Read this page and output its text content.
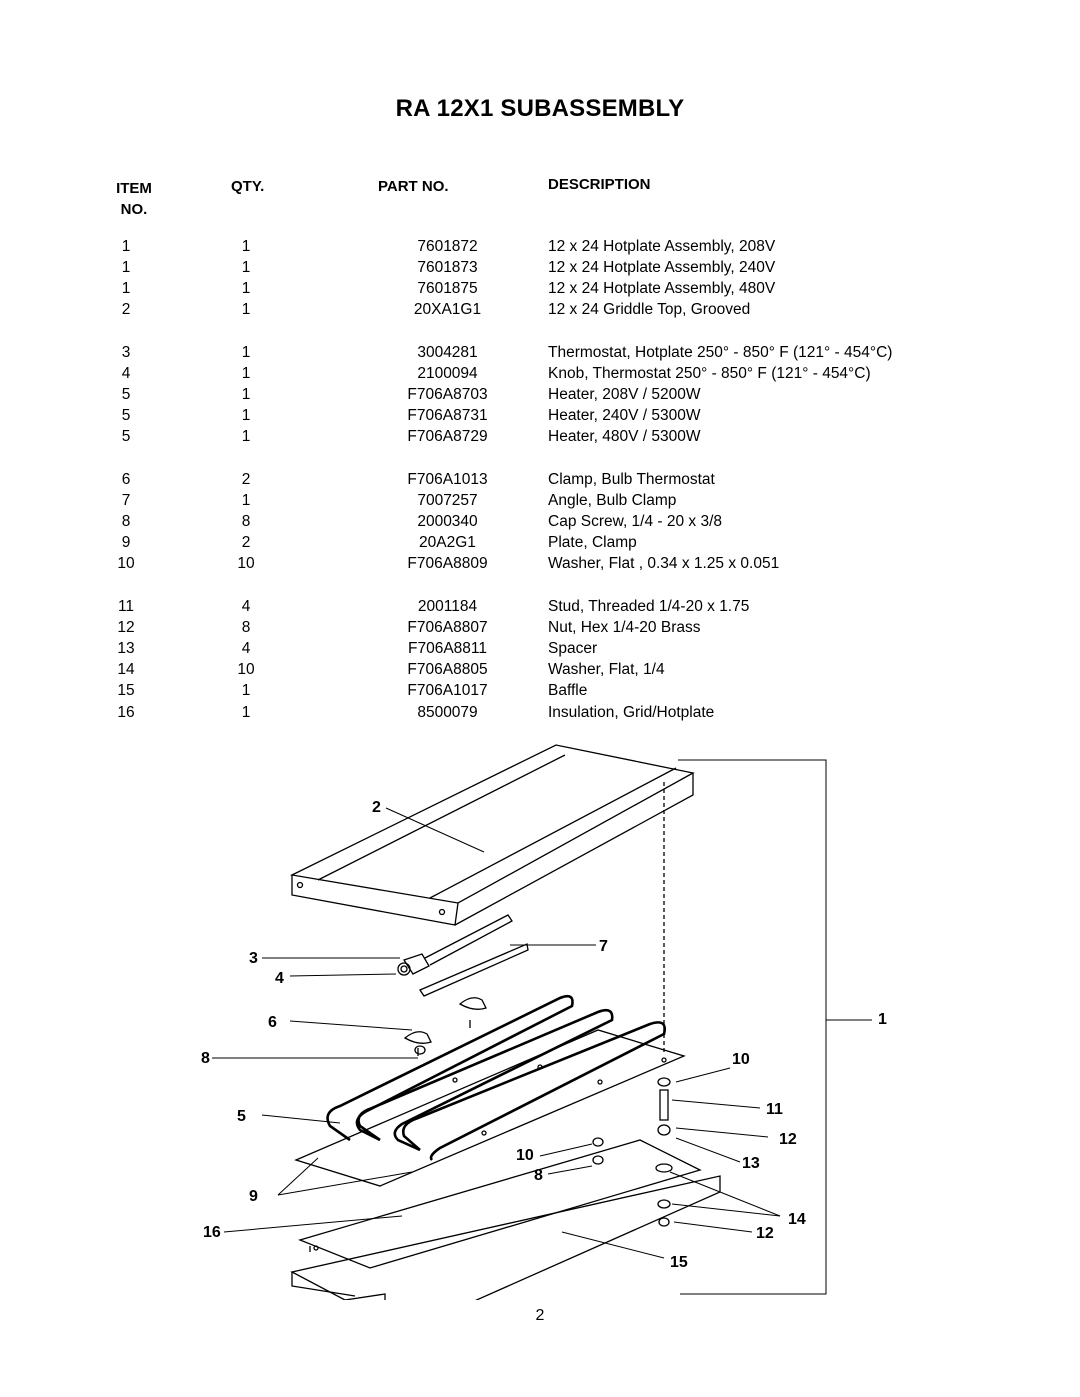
RA 12X1 SUBASSEMBLY
ITEM
NO.
QTY.	PART NO.	DESCRIPTION
1	1	7601872	12 x 24 Hotplate Assembly, 208V
1	1	7601873	12 x 24 Hotplate Assembly, 240V
1	1	7601875	12 x 24 Hotplate Assembly, 480V
2	1	20XA1G1	12 x 24 Griddle Top, Grooved
3	1	3004281	Thermostat, Hotplate 250° - 850° F (121° - 454°C)
4	1	2100094	Knob, Thermostat 250° - 850° F (121° - 454°C)
5	1	F706A8703	Heater, 208V / 5200W
5	1	F706A8731	Heater, 240V / 5300W
5	1	F706A8729	Heater, 480V / 5300W
6	2	F706A1013	Clamp, Bulb Thermostat
7	1	7007257	Angle, Bulb Clamp
8	8	2000340	Cap Screw, 1/4 - 20 x 3/8
9	2	20A2G1	Plate, Clamp
10	10	F706A8809	Washer, Flat , 0.34 x 1.25 x 0.051
11	4	2001184	Stud, Threaded 1/4-20 x 1.75
12	8	F706A8807	Nut, Hex 1/4-20 Brass
13	4	F706A8811	Spacer
14	10	F706A8805	Washer, Flat, 1/4
15	1	F706A1017	Baffle
16	1	8500079	Insulation, Grid/Hotplate
2
3
4
7
6	1
8	10
5	11
12
10	13
8
9
14
16	12
15
2
